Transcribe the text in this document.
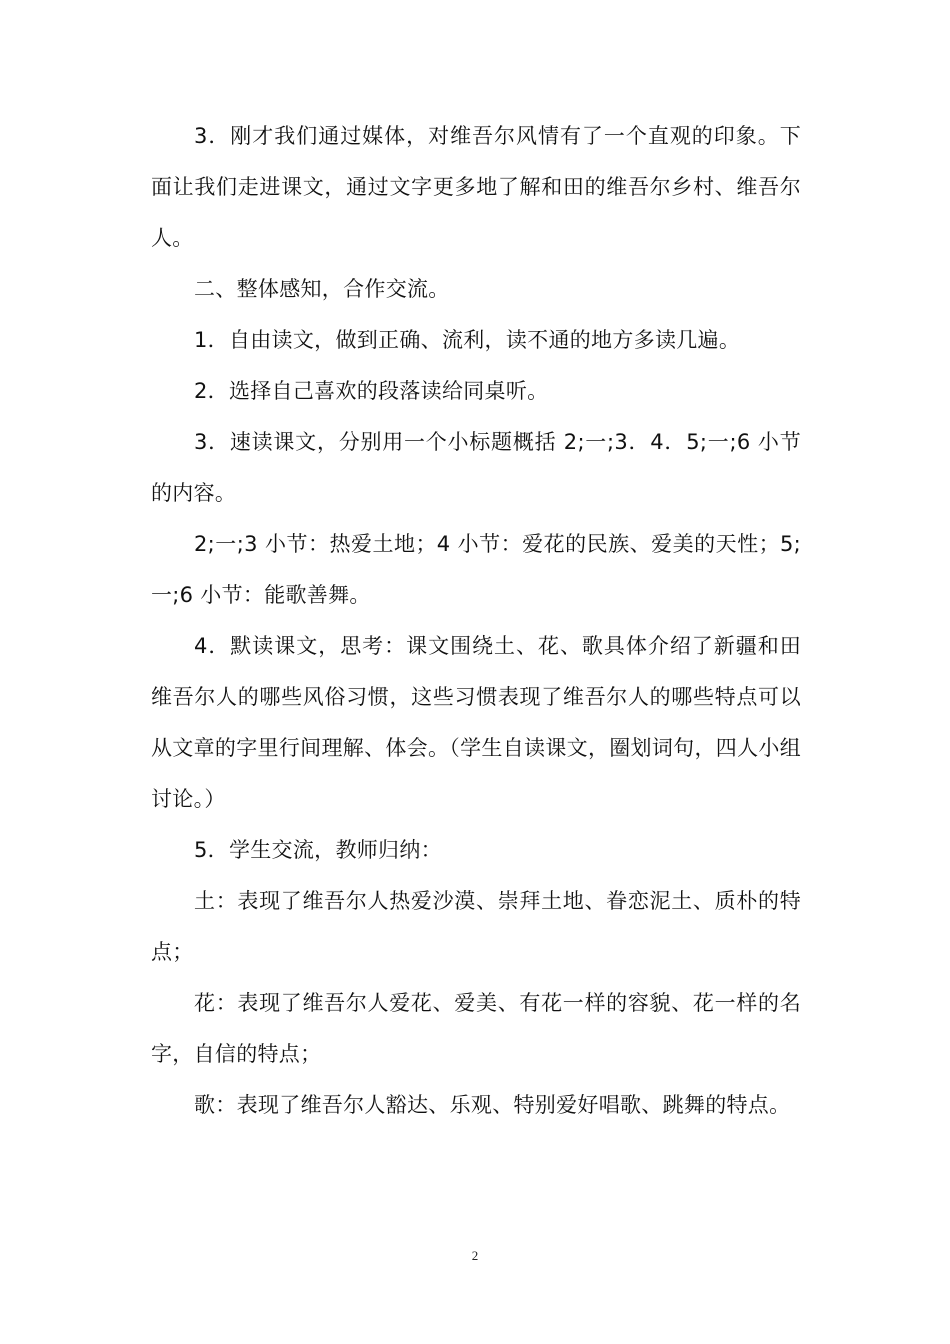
3．刚才我们通过媒体，对维吾尔风情有了一个直观的印象。下面让我们走进课文，通过文字更多地了解和田的维吾尔乡村、维吾尔人。

二、整体感知，合作交流。

1．自由读文，做到正确、流利，读不通的地方多读几遍。

2．选择自己喜欢的段落读给同桌听。

3．速读课文，分别用一个小标题概括 2;一;3．4．5;一;6 小节的内容。

2;一;3 小节：热爱土地；4 小节：爱花的民族、爱美的天性；5;一;6 小节：能歌善舞。

4．默读课文，思考：课文围绕土、花、歌具体介绍了新疆和田维吾尔人的哪些风俗习惯，这些习惯表现了维吾尔人的哪些特点可以从文章的字里行间理解、体会。（学生自读课文，圈划词句，四人小组讨论。）

5．学生交流，教师归纳：

土：表现了维吾尔人热爱沙漠、崇拜土地、眷恋泥土、质朴的特点；

花：表现了维吾尔人爱花、爱美、有花一样的容貌、花一样的名字，自信的特点；

歌：表现了维吾尔人豁达、乐观、特别爱好唱歌、跳舞的特点。

2
